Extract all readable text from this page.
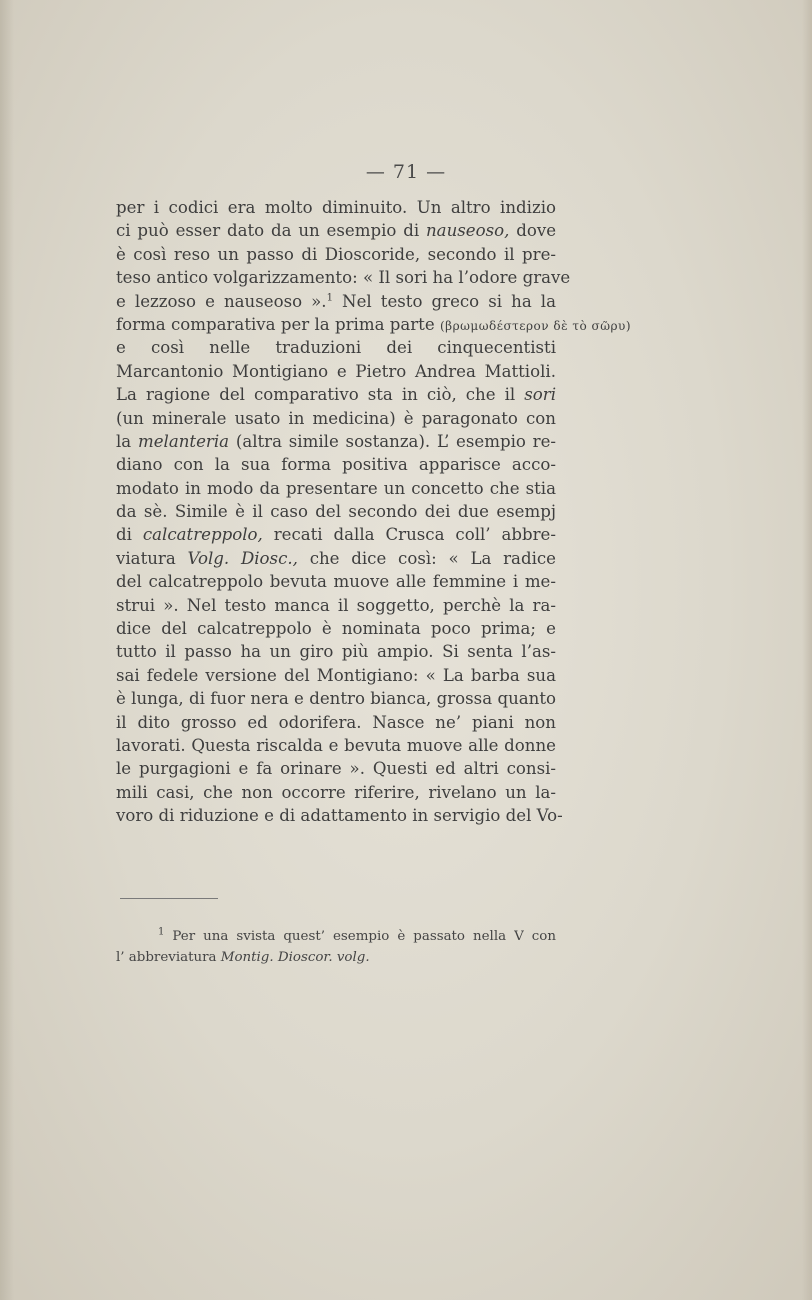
— 71 —
per i codici era molto diminuito. Un altro indizio
ci può esser dato da un esempio di nauseoso, dove
è così reso un passo di Dioscoride, secondo il pre-
teso antico volgarizzamento: « Il sori ha l’odore grave
e lezzoso e nauseoso ».$^1$ Nel testo greco si ha la
forma comparativa per la prima parte (βρωμωδέστερον δὲ τὸ σῶρυ)
e così nelle traduzioni dei cinquecentisti
Marcantonio Montigiano e Pietro Andrea Mattioli.
La ragione del comparativo sta in ciò, che il sori
(un minerale usato in medicina) è paragonato con
la melanteria (altra simile sostanza). L’ esempio re-
diano con la sua forma positiva apparisce acco-
modato in modo da presentare un concetto che stia
da sè. Simile è il caso del secondo dei due esempj
di calcatreppolo, recati dalla Crusca coll’ abbre-
viatura Volg. Diosc., che dice così: « La radice
del calcatreppolo bevuta muove alle femmine i me-
strui ». Nel testo manca il soggetto, perchè la ra-
dice del calcatreppolo è nominata poco prima; e
tutto il passo ha un giro più ampio. Si senta l’as-
sai fedele versione del Montigiano: « La barba sua
è lunga, di fuor nera e dentro bianca, grossa quanto
il dito grosso ed odorifera. Nasce ne’ piani non
lavorati. Questa riscalda e bevuta muove alle donne
le purgagioni e fa orinare ». Questi ed altri consi-
mili casi, che non occorre riferire, rivelano un la-
voro di riduzione e di adattamento in servigio del Vo-
$^1$ Per una svista quest’ esempio è passato nella V con
l’ abbreviatura Montig. Dioscor. volg.
